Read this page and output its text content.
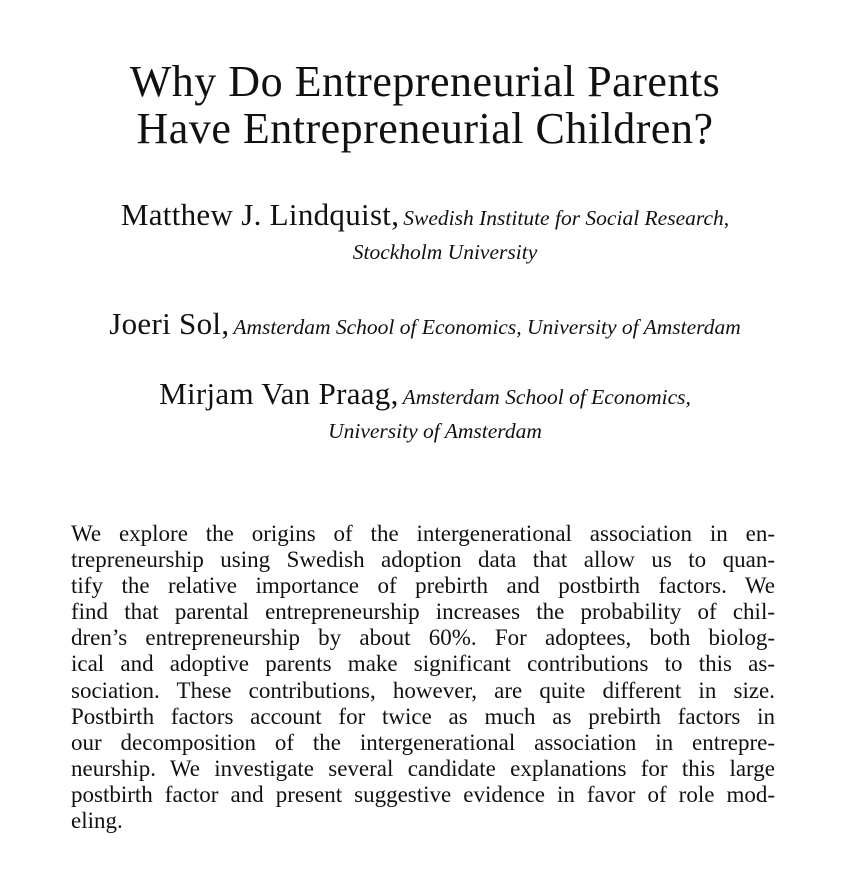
Why Do Entrepreneurial Parents
Have Entrepreneurial Children?
Matthew J. Lindquist, Swedish Institute for Social Research,
Stockholm University
Joeri Sol, Amsterdam School of Economics, University of Amsterdam
Mirjam Van Praag, Amsterdam School of Economics,
University of Amsterdam

We explore the origins of the intergenerational association in en-
trepreneurship using Swedish adoption data that allow us to quan-
tify the relative importance of prebirth and postbirth factors. We
find that parental entrepreneurship increases the probability of chil-
dren’s entrepreneurship by about 60%. For adoptees, both biolog-
ical and adoptive parents make significant contributions to this as-
sociation. These contributions, however, are quite different in size.
Postbirth factors account for twice as much as prebirth factors in
our decomposition of the intergenerational association in entrepre-
neurship. We investigate several candidate explanations for this large
postbirth factor and present suggestive evidence in favor of role mod-
eling.
